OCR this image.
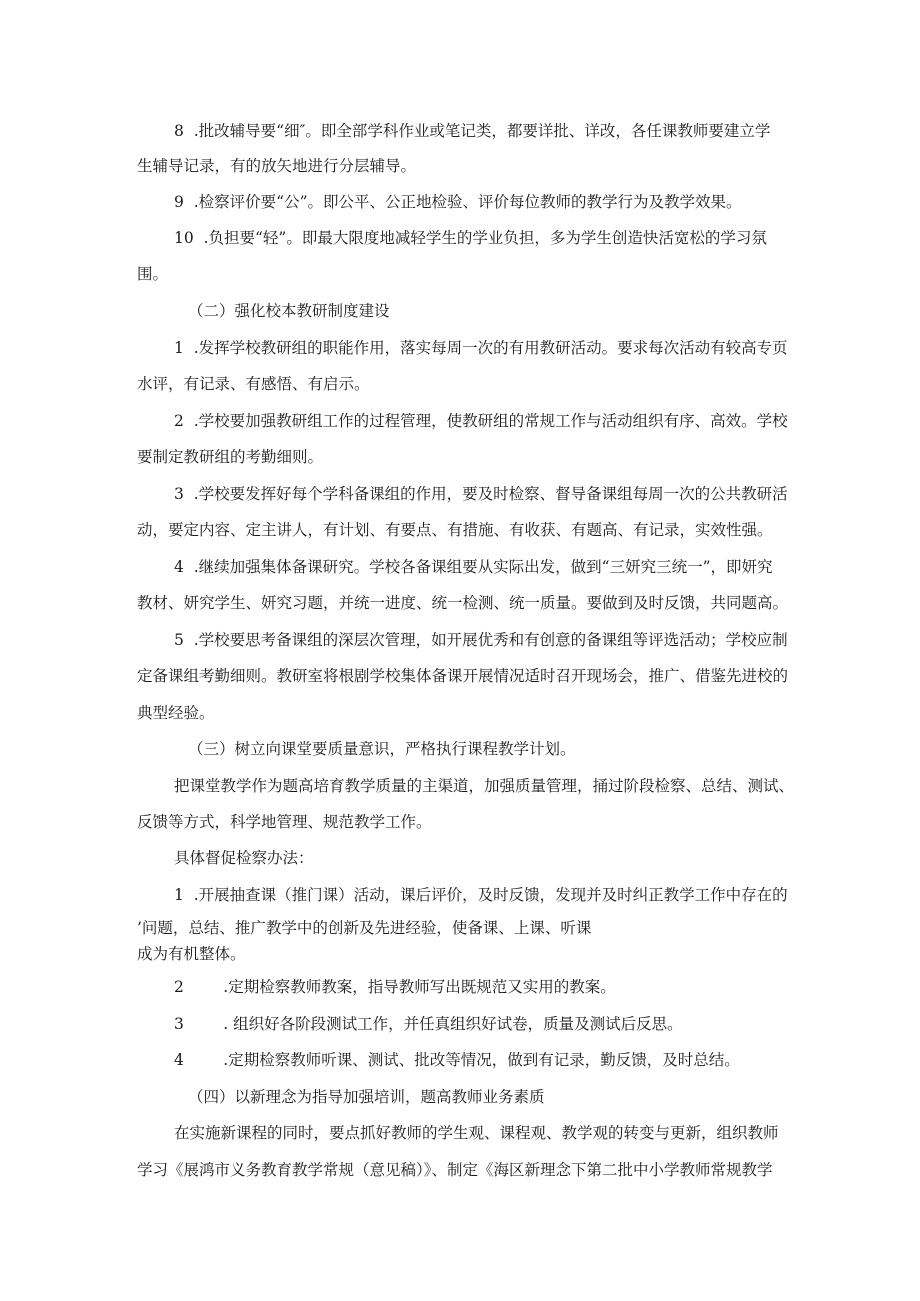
8  .批改辅导要“细″。即全部学科作业或笔记类，都要详批、详改，各任课教师要建立学
生辅导记录，有的放矢地进行分层辅导。
9  .检察评价要“公”。即公平、公正地检验、评价每位教师的教学行为及教学效果。
10  .负担要“轻”。即最大限度地减轻学生的学业负担，多为学生创造快活宽松的学习氛
围。
（二）强化校本教研制度建设
1  .发挥学校教研组的职能作用，落实每周一次的有用教研活动。要求每次活动有较高专页
水评，有记录、有感悟、有启示。
2  .学校要加强教研组工作的过程管理，使教研组的常规工作与活动组织有序、高效。学校
要制定教研组的考勤细则。
3  .学校要发挥好每个学科备课组的作用，要及时检察、督导备课组每周一次的公共教研活
动，要定内容、定主讲人，有计划、有要点、有措施、有收获、有题高、有记录，实效性强。
4  .继续加强集体备课研究。学校各备课组要从实际出发，做到“三妍究三统一”，即妍究
教材、妍究学生、妍究习题，并统一进度、统一检测、统一质量。要做到及时反馈，共同题高。
5  .学校要思考备课组的深层次管理，如开展优秀和有创意的备课组等评选活动；学校应制
定备课组考勤细则。教研室将根剧学校集体备课开展情况适时召开现场会，推广、借鉴先进校的
典型经验。
（三）树立向课堂要质量意识，严格执行课程教学计划。
把课堂教学作为题高培育教学质量的主渠道，加强质量管理，捅过阶段检察、总结、测试、
反馈等方式，科学地管理、规范教学工作。
具体督促检察办法：
1  .开展抽查课（推门课）活动，课后评价，及时反馈，发现并及时纠正教学工作中存在的
’问题，总结、推广教学中的创新及先进经验，使备课、上课、听课
成为有机整体。
2        .定期检察教师教案，指导教师写出既规范又实用的教案。
3        . 组织好各阶段测试工作，并任真组织好试卷，质量及测试后反思。
4        .定期检察教师听课、测试、批改等情况，做到有记录，勤反馈，及时总结。
（四）以新理念为指导加强培训，题高教师业务素质
在实施新课程的同时，要点抓好教师的学生观、课程观、教学观的转变与更新，组织教师
学习《展鸿市义务教育教学常规（意见稿）》、制定《海区新理念下第二批中小学教师常规教学
